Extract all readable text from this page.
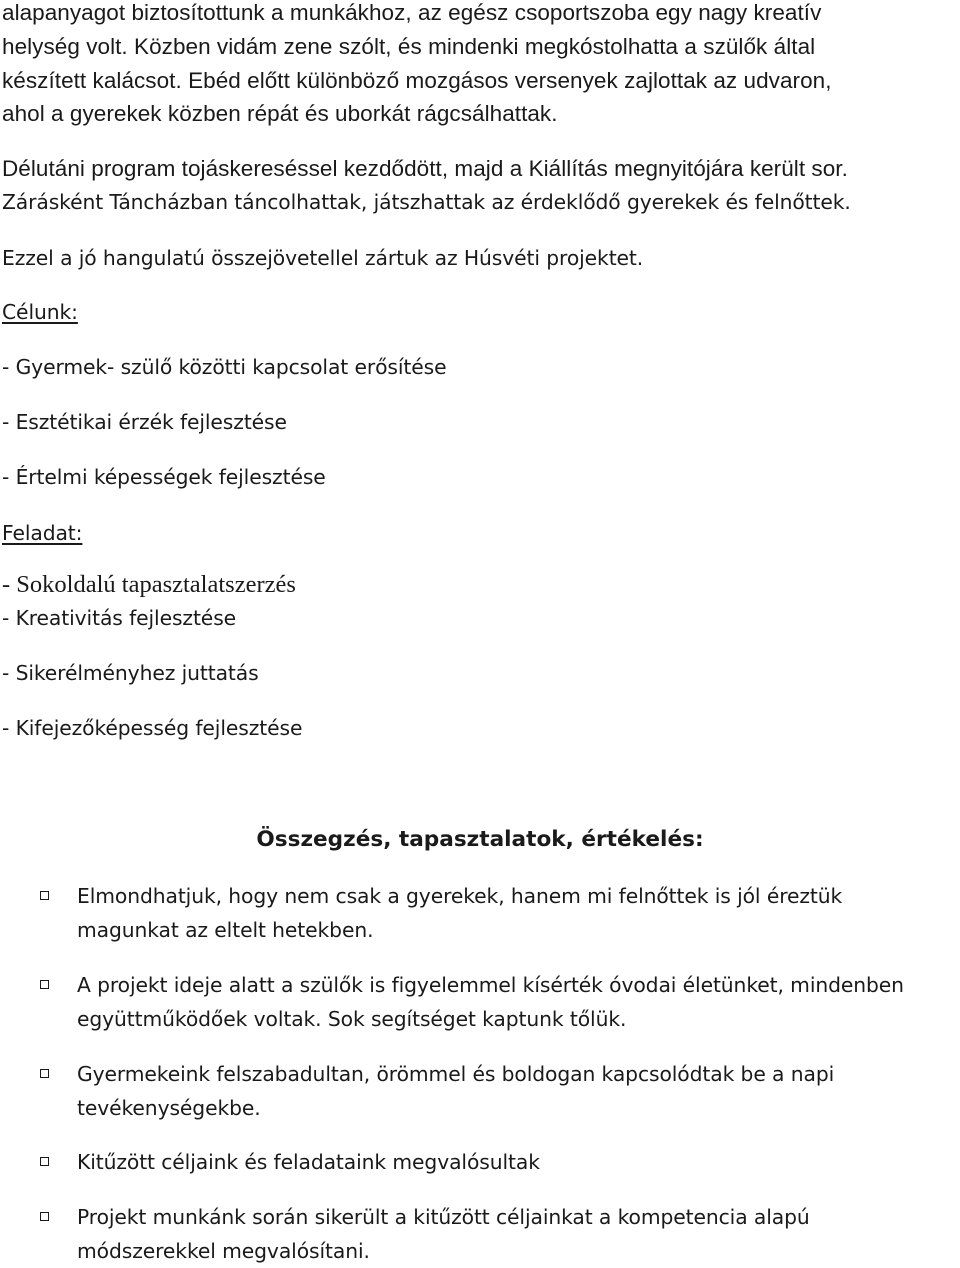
alapanyagot biztosítottunk a munkákhoz, az egész csoportszoba egy nagy kreatív
helység volt. Közben vidám zene szólt, és mindenki megkóstolhatta a szülők által
készített kalácsot. Ebéd előtt különböző mozgásos versenyek zajlottak az udvaron,
ahol a gyerekek közben répát és uborkát rágcsálhattak.
Délutáni program tojáskereséssel kezdődött, majd a Kiállítás megnyitójára került sor.
Zárásként Táncházban táncolhattak, játszhattak az érdeklődő gyerekek és felnőttek.
Ezzel a jó hangulatú összejövetellel zártuk az Húsvéti projektet.
Célunk:
- Gyermek- szülő közötti kapcsolat erősítése
- Esztétikai érzék fejlesztése
- Értelmi képességek fejlesztése
Feladat:
- Sokoldalú tapasztalatszerzés
- Kreativitás fejlesztése
- Sikerélményhez juttatás
- Kifejezőképesség fejlesztése
Összegzés, tapasztalatok, értékelés:
Elmondhatjuk, hogy nem csak a gyerekek, hanem mi felnőttek is jól éreztük magunkat az eltelt hetekben.
A projekt ideje alatt a szülők is figyelemmel kísérték óvodai életünket, mindenben együttműködőek voltak. Sok segítséget kaptunk tőlük.
Gyermekeink felszabadultan, örömmel és boldogan kapcsolódtak be a napi tevékenységekbe.
Kitűzött céljaink és feladataink megvalósultak
Projekt munkánk során sikerült a kitűzött céljainkat a kompetencia alapú módszerekkel megvalósítani.
